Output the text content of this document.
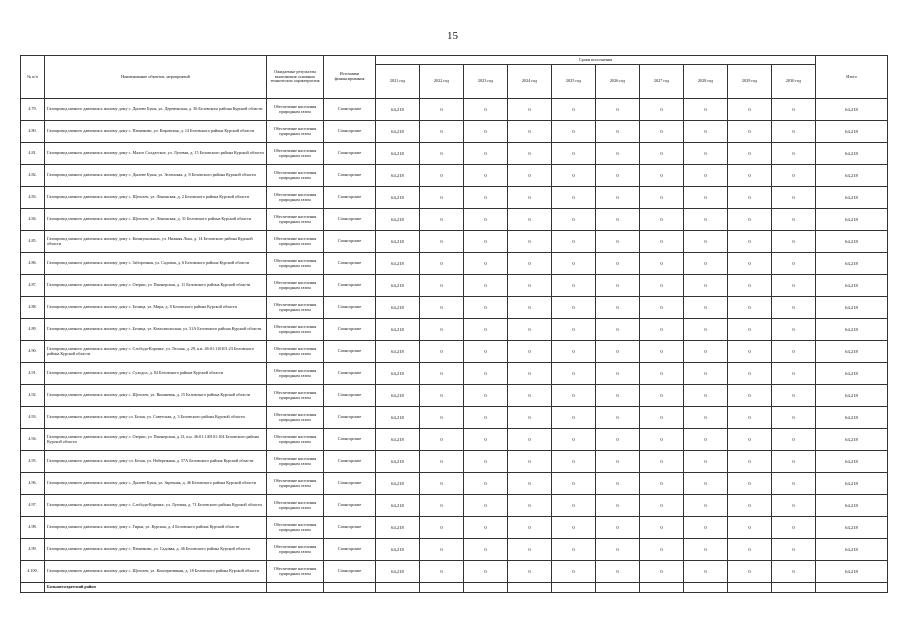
15
№ п/п	Наименование объектов, мероприятий	Ожидаемые результаты выполнения основных технических характеристик	Источники финансирования	Сроки исполнения										Итого
				2021 год	2022 год	2023 год	2024 год	2025 год	2026 год	2027 год	2028 год	2029 год	2030 год	
4.79.	Газопровод низкого давления к жилому дому с. Дылеве Букы, ул. Деревенская, д. 36 Беловского района Курской области	Обеспечение населения природным газом	Спонсорские	64,218	0	0	0	0	0	0	0	0	0	64,218
4.80.	Газопровод низкого давления к жилому дому с. Пенизково, ул. Кировская, д. 14 Беловского района Курской области	Обеспечение населения природным газом	Спонсорские	64,218	0	0	0	0	0	0	0	0	0	64,218
4.81.	Газопровод низкого давления к жилому дому с. Малое Солдатское, ул. Луговая, д. 15 Беловского района Курской области	Обеспечение населения природным газом	Спонсорские	64,218	0	0	0	0	0	0	0	0	0	64,218
4.82.	Газопровод низкого давления к жилому дому с. Дылеве Букы, ул. Зеленская, д. 8 Беловского района Курской области	Обеспечение населения природным газом	Спонсорские	64,218	0	0	0	0	0	0	0	0	0	64,218
4.83.	Газопровод низкого давления к жилому дому с. Щеголек, ул. Ленинская, д. 2 Беловского района Курской области	Обеспечение населения природным газом	Спонсорские	64,218	0	0	0	0	0	0	0	0	0	64,218
4.84.	Газопровод низкого давления к жилому дому с. Щеголек, ул. Ленинская, д. 31 Беловского района Курской области	Обеспечение населения природным газом	Спонсорские	64,218	0	0	0	0	0	0	0	0	0	64,218
4.85.	Газопровод низкого давления к жилому дому с. Коммунальных, ул. Нижняя Лока, д. 14 Беловского района Курской области	Обеспечение населения природным газом	Спонсорские	64,218	0	0	0	0	0	0	0	0	0	64,218
4.86.	Газопровод низкого давления к жилому дому с. Заборочная, ул. Садовая, д. 6 Беловского района Курской области	Обеспечение населения природным газом	Спонсорские	64,218	0	0	0	0	0	0	0	0	0	64,218
4.87.	Газопровод низкого давления к жилому дому с. Озерки, ул. Пионерская, д. 11 Беловского района Курской области	Обеспечение населения природным газом	Спонсорские	64,218	0	0	0	0	0	0	0	0	0	64,218
4.88.	Газопровод низкого давления к жилому дому с. Белица, ул. Мира, д. 8 Беловского района Курской области	Обеспечение населения природным газом	Спонсорские	64,218	0	0	0	0	0	0	0	0	0	64,218
4.89.	Газопровод низкого давления к жилому дому с. Белица, ул. Комсомольская, ул. 31А Беловского района Курской области	Обеспечение населения природным газом	Спонсорские	64,218	0	0	0	0	0	0	0	0	0	64,218
4.90.	Газопровод низкого давления к жилому дому с. Слобода-Коренье, ул. Лесная, д. 29, к.н. 46:01:110101:23 Беловского района Курской области	Обеспечение населения природным газом	Спонсорские	64,218	0	0	0	0	0	0	0	0	0	64,218
4.91.	Газопровод низкого давления к жилому дому с. Суходол, д. 84 Беловского района Курской области	Обеспечение населения природным газом	Спонсорские	64,218	0	0	0	0	0	0	0	0	0	64,218
4.92.	Газопровод низкого давления к жилому дому с. Щеголек, ул. Вишневая, д. 15 Беловского района Курской области	Обеспечение населения природным газом	Спонсорские	64,218	0	0	0	0	0	0	0	0	0	64,218
4.93.	Газопровод низкого давления к жилому дому сл. Белая, ул. Советская, д. 3 Беловского района Курской области	Обеспечение населения природным газом	Спонсорские	64,218	0	0	0	0	0	0	0	0	0	64,218
4.94.	Газопровод низкого давления к жилому дому с. Озерки, ул. Пионерская, д.13, к.н. 46:01:140101:104 Беловского района Курской области	Обеспечение населения природным газом	Спонсорские	64,218	0	0	0	0	0	0	0	0	0	64,218
4.95.	Газопровод низкого давления к жилому дому сл. Белая, ул. Набережная, д. 57А Беловского района Курской области	Обеспечение населения природным газом	Спонсорские	64,218	0	0	0	0	0	0	0	0	0	64,218
4.96.	Газопровод низкого давления к жилому дому с. Дылеве Букы, ул. Заречная, д. 46 Беловского района Курской области	Обеспечение населения природным газом	Спонсорские	64,218	0	0	0	0	0	0	0	0	0	64,218
4.97.	Газопровод низкого давления к жилому дому с. Слобода-Коренье, ул. Луговая, д. 71 Беловского района Курской области	Обеспечение населения природным газом	Спонсорские	64,218	0	0	0	0	0	0	0	0	0	64,218
4.98.	Газопровод низкого давления к жилому дому с. Гирьи, ул. Курская, д. 4 Беловского района Курской области	Обеспечение населения природным газом	Спонсорские	64,218	0	0	0	0	0	0	0	0	0	64,218
4.99.	Газопровод низкого давления к жилому дому с. Пенизково, ул. Садовая, д. 46 Беловского района Курской области	Обеспечение населения природным газом	Спонсорские	64,218	0	0	0	0	0	0	0	0	0	64,218
4.100.	Газопровод низкого давления к жилому дому с. Щеголек, ул. Кооперативная, д. 18 Беловского района Курской области	Обеспечение населения природным газом	Спонсорские	64,218	0	0	0	0	0	0	0	0	0	64,218
	Большесолдатский район													
